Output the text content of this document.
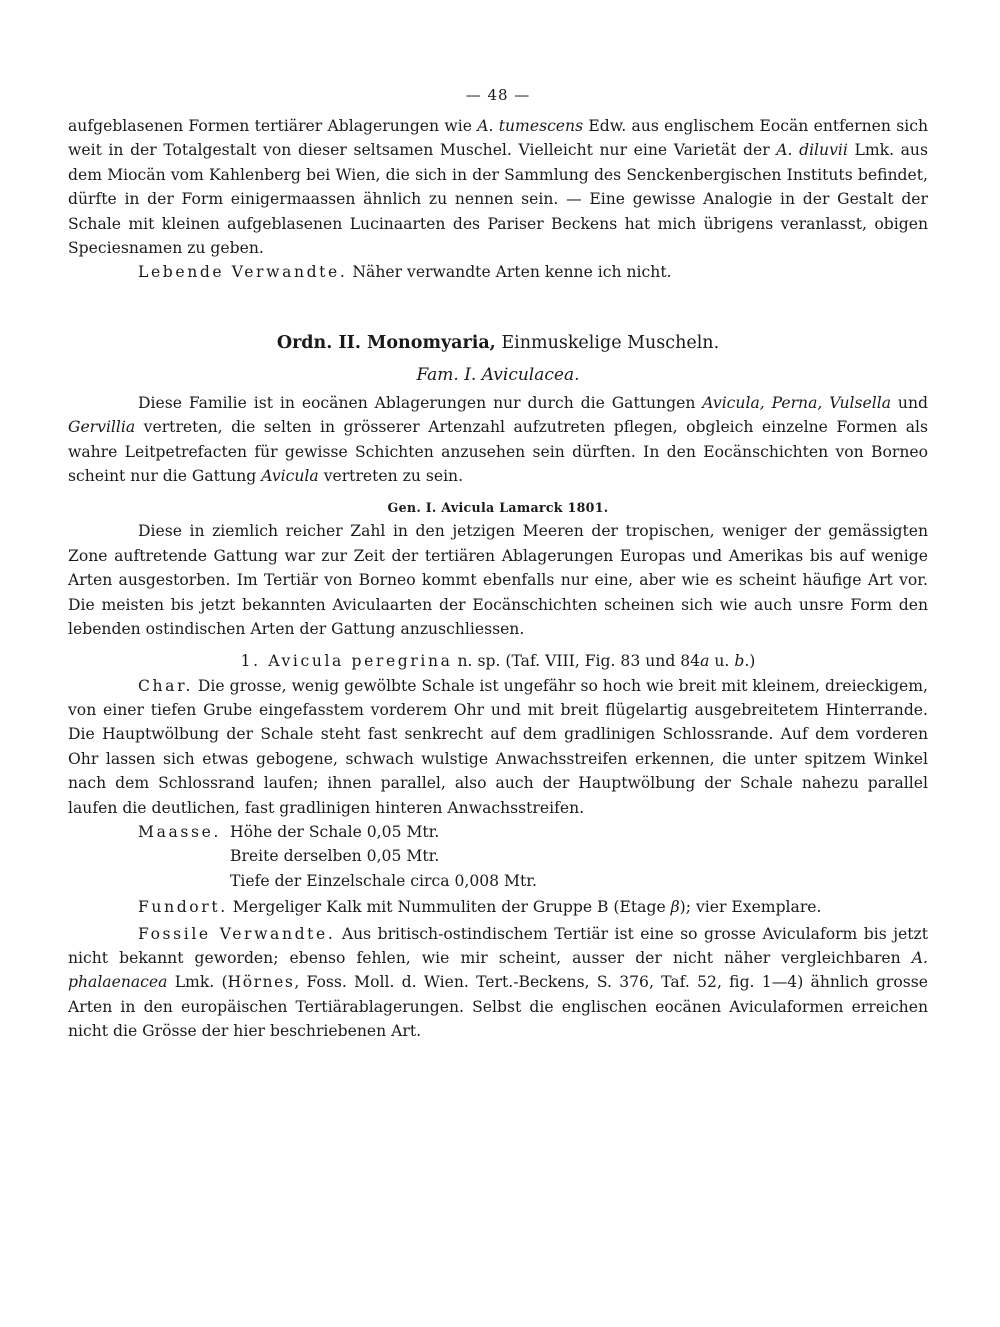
— 48 —

aufgeblasenen Formen tertiärer Ablagerungen wie A. tumescens Edw. aus englischem Eocän entfernen sich weit in der Totalgestalt von dieser seltsamen Muschel. Vielleicht nur eine Varietät der A. diluvii Lmk. aus dem Miocän vom Kahlenberg bei Wien, die sich in der Sammlung des Senckenbergischen Instituts befindet, dürfte in der Form einigermaassen ähnlich zu nennen sein. — Eine gewisse Analogie in der Gestalt der Schale mit kleinen aufgeblasenen Lucinaarten des Pariser Beckens hat mich übrigens veranlasst, obigen Speciesnamen zu geben.

Lebende Verwandte. Näher verwandte Arten kenne ich nicht.

Ordn. II. Monomyaria, Einmuskelige Muscheln.
Fam. I. Aviculacea.

Diese Familie ist in eocänen Ablagerungen nur durch die Gattungen Avicula, Perna, Vulsella und Gervillia vertreten, die selten in grösserer Artenzahl aufzutreten pflegen, obgleich einzelne Formen als wahre Leitpetrefacten für gewisse Schichten anzusehen sein dürften. In den Eocänschichten von Borneo scheint nur die Gattung Avicula vertreten zu sein.

Gen. I. Avicula Lamarck 1801.

Diese in ziemlich reicher Zahl in den jetzigen Meeren der tropischen, weniger der gemässigten Zone auftretende Gattung war zur Zeit der tertiären Ablagerungen Europas und Amerikas bis auf wenige Arten ausgestorben. Im Tertiär von Borneo kommt ebenfalls nur eine, aber wie es scheint häufige Art vor. Die meisten bis jetzt bekannten Aviculaarten der Eocänschichten scheinen sich wie auch unsre Form den lebenden ostindischen Arten der Gattung anzuschliessen.

1. Avicula peregrina n. sp. (Taf. VIII, Fig. 83 und 84a u. b.)

Char. Die grosse, wenig gewölbte Schale ist ungefähr so hoch wie breit mit kleinem, dreieckigem, von einer tiefen Grube eingefasstem vorderem Ohr und mit breit flügelartig ausgebreitetem Hinterrande. Die Hauptwölbung der Schale steht fast senkrecht auf dem gradlinigen Schlossrande. Auf dem vorderen Ohr lassen sich etwas gebogene, schwach wulstige Anwachsstreifen erkennen, die unter spitzem Winkel nach dem Schlossrand laufen; ihnen parallel, also auch der Hauptwölbung der Schale nahezu parallel laufen die deutlichen, fast gradlinigen hinteren Anwachsstreifen.

Maasse. Höhe der Schale 0,05 Mtr.

Breite derselben 0,05 Mtr.

Tiefe der Einzelschale circa 0,008 Mtr.

Fundort. Mergeliger Kalk mit Nummuliten der Gruppe B (Etage β); vier Exemplare.

Fossile Verwandte. Aus britisch-ostindischem Tertiär ist eine so grosse Aviculaform bis jetzt nicht bekannt geworden; ebenso fehlen, wie mir scheint, ausser der nicht näher vergleichbaren A. phalaenacea Lmk. (Hörnes, Foss. Moll. d. Wien. Tert.-Beckens, S. 376, Taf. 52, fig. 1—4) ähnlich grosse Arten in den europäischen Tertiärablagerungen. Selbst die englischen eocänen Aviculaformen erreichen nicht die Grösse der hier beschriebenen Art.
